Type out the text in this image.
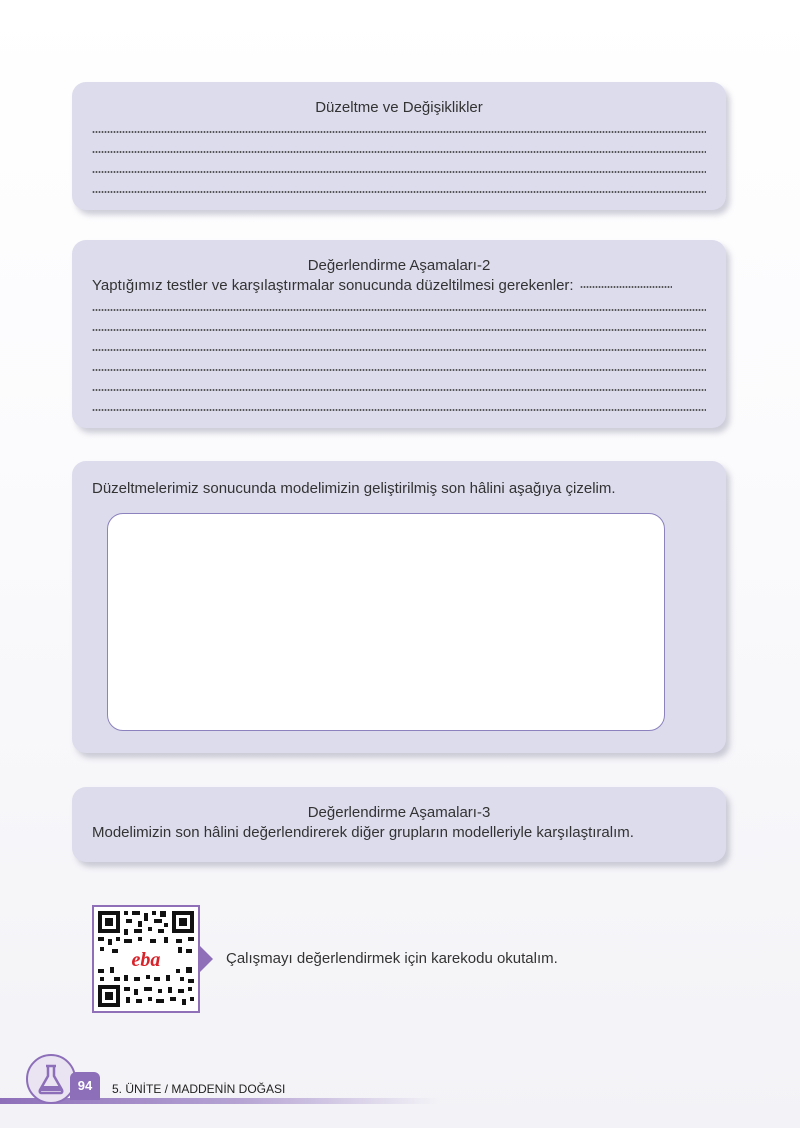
Düzeltme ve Değişiklikler
Değerlendirme Aşamaları-2
Yaptığımız testler ve karşılaştırmalar sonucunda düzeltilmesi gerekenler:
Düzeltmelerimiz sonucunda modelimizin geliştirilmiş son hâlini aşağıya çizelim.
Değerlendirme Aşamaları-3
Modelimizin son hâlini değerlendirerek diğer grupların modelleriyle karşılaştıralım.
eba	Çalışmayı değerlendirmek için karekodu okutalım.
94	5. ÜNİTE / MADDENİN DOĞASI
